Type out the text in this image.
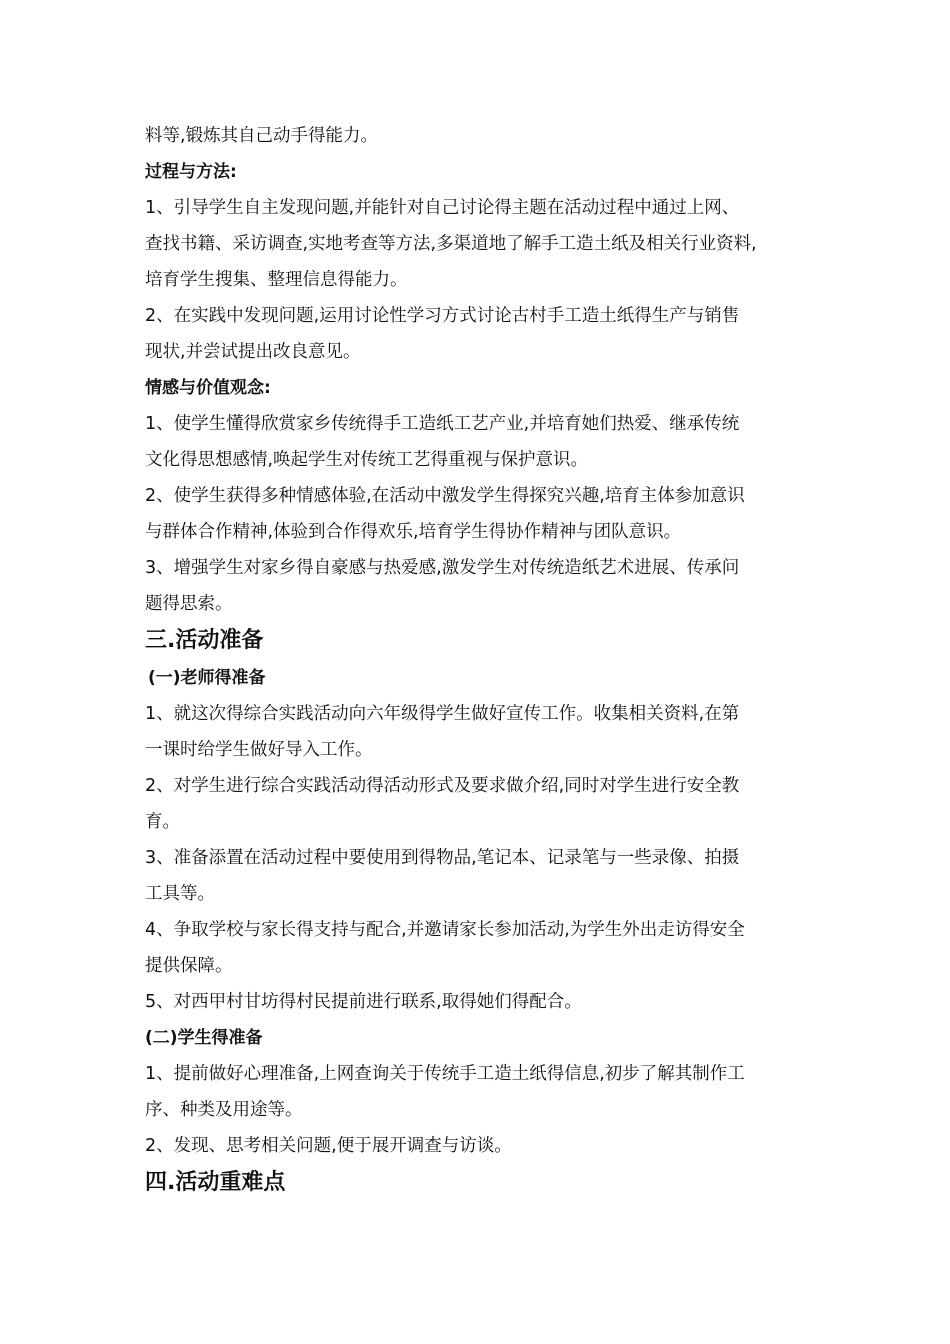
料等,锻炼其自己动手得能力。
过程与方法:
1、引导学生自主发现问题,并能针对自己讨论得主题在活动过程中通过上网、
查找书籍、采访调查,实地考查等方法,多渠道地了解手工造土纸及相关行业资料,
培育学生搜集、整理信息得能力。
2、在实践中发现问题,运用讨论性学习方式讨论古村手工造土纸得生产与销售
现状,并尝试提出改良意见。
情感与价值观念:
1、使学生懂得欣赏家乡传统得手工造纸工艺产业,并培育她们热爱、继承传统
文化得思想感情,唤起学生对传统工艺得重视与保护意识。
2、使学生获得多种情感体验,在活动中激发学生得探究兴趣,培育主体参加意识
与群体合作精神,体验到合作得欢乐,培育学生得协作精神与团队意识。
3、增强学生对家乡得自豪感与热爱感,激发学生对传统造纸艺术进展、传承问
题得思索。
三.活动准备
(一)老师得准备
1、就这次得综合实践活动向六年级得学生做好宣传工作。收集相关资料,在第
一课时给学生做好导入工作。
2、对学生进行综合实践活动得活动形式及要求做介绍,同时对学生进行安全教
育。
3、准备添置在活动过程中要使用到得物品,笔记本、记录笔与一些录像、拍摄
工具等。
4、争取学校与家长得支持与配合,并邀请家长参加活动,为学生外出走访得安全
提供保障。
5、对西甲村甘坊得村民提前进行联系,取得她们得配合。
(二)学生得准备
1、提前做好心理准备,上网查询关于传统手工造土纸得信息,初步了解其制作工
序、种类及用途等。
2、发现、思考相关问题,便于展开调查与访谈。
四.活动重难点
